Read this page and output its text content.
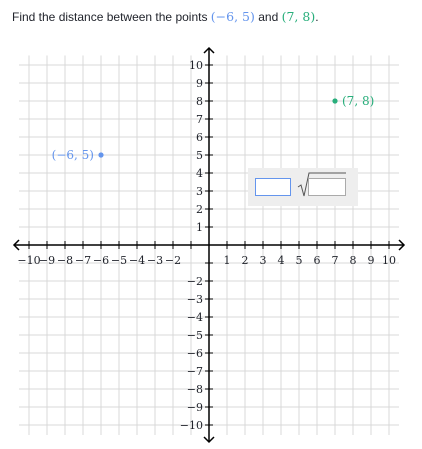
Find the distance between the points (−6, 5) and (7, 8).
−10
−9 −8 −7 −6 −5 −4 −3 −2	1 2 3 4 5 6 7 8 9 10
10
9
8
7
6
5
4
3
2
1
−2
−3
−4
−5
−6
−7
−8
−9
−10
(−6, 5)
(7, 8)
